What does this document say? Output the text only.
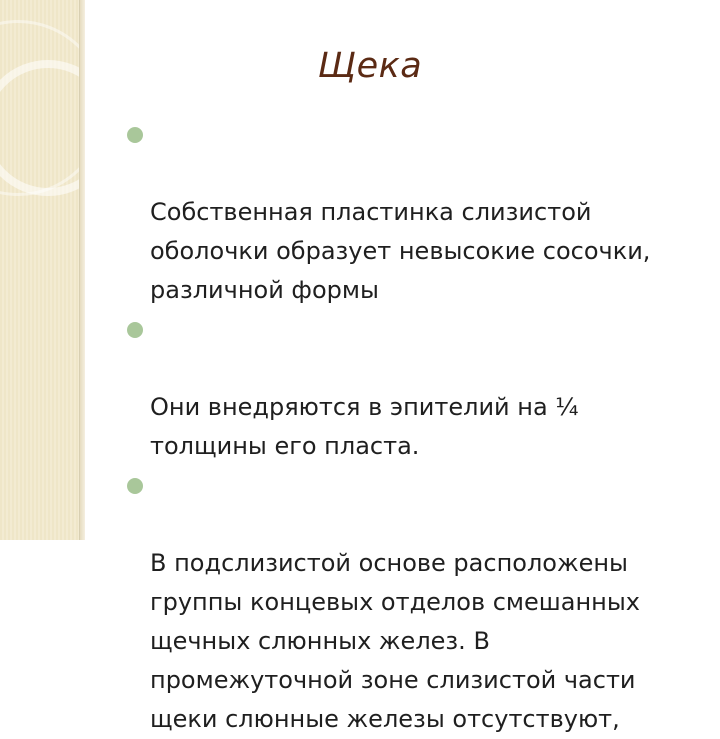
Щека

Собственная пластинка слизистой
оболочки образует невысокие сосочки,
различной формы

Они внедряются в эпителий на ¼
толщины его пласта.

В подслизистой основе расположены
группы концевых отделов смешанных
щечных слюнных желез. В
промежуточной зоне слизистой части
щеки слюнные железы отсутствуют,
